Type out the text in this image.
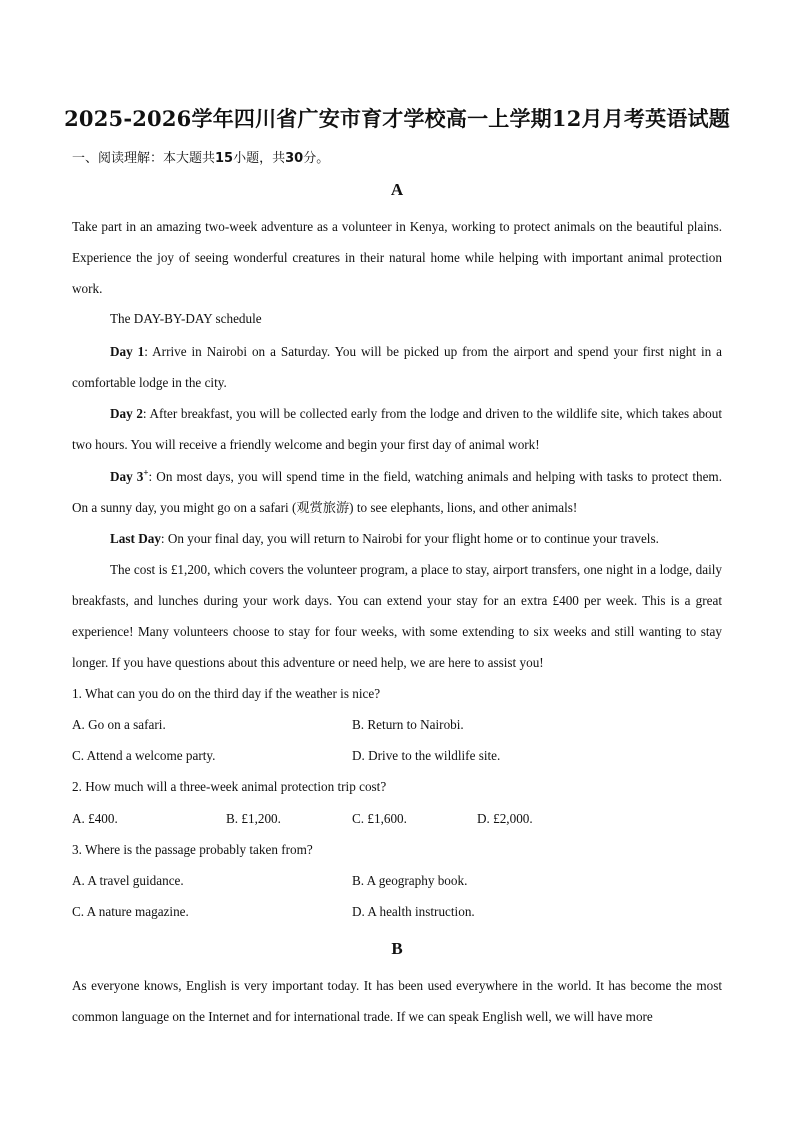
2025-2026学年四川省广安市育才学校高一上学期12月月考英语试题
一、阅读理解：本大题共15小题，共30分。
A
Take part in an amazing two-week adventure as a volunteer in Kenya, working to protect animals on the beautiful plains. Experience the joy of seeing wonderful creatures in their natural home while helping with important animal protection work.
The DAY-BY-DAY schedule
Day 1: Arrive in Nairobi on a Saturday. You will be picked up from the airport and spend your first night in a comfortable lodge in the city.
Day 2: After breakfast, you will be collected early from the lodge and driven to the wildlife site, which takes about two hours. You will receive a friendly welcome and begin your first day of animal work!
Day 3+: On most days, you will spend time in the field, watching animals and helping with tasks to protect them. On a sunny day, you might go on a safari (观赏旅游) to see elephants, lions, and other animals!
Last Day: On your final day, you will return to Nairobi for your flight home or to continue your travels.
The cost is £1,200, which covers the volunteer program, a place to stay, airport transfers, one night in a lodge, daily breakfasts, and lunches during your work days. You can extend your stay for an extra £400 per week. This is a great experience! Many volunteers choose to stay for four weeks, with some extending to six weeks and still wanting to stay longer. If you have questions about this adventure or need help, we are here to assist you!
1. What can you do on the third day if the weather is nice?
A. Go on a safari.	B. Return to Nairobi.
C. Attend a welcome party.	D. Drive to the wildlife site.
2. How much will a three-week animal protection trip cost?
A. £400.	B. £1,200.	C. £1,600.	D. £2,000.
3. Where is the passage probably taken from?
A. A travel guidance.	B. A geography book.
C. A nature magazine.	D. A health instruction.
B
As everyone knows, English is very important today. It has been used everywhere in the world. It has become the most common language on the Internet and for international trade. If we can speak English well, we will have more
